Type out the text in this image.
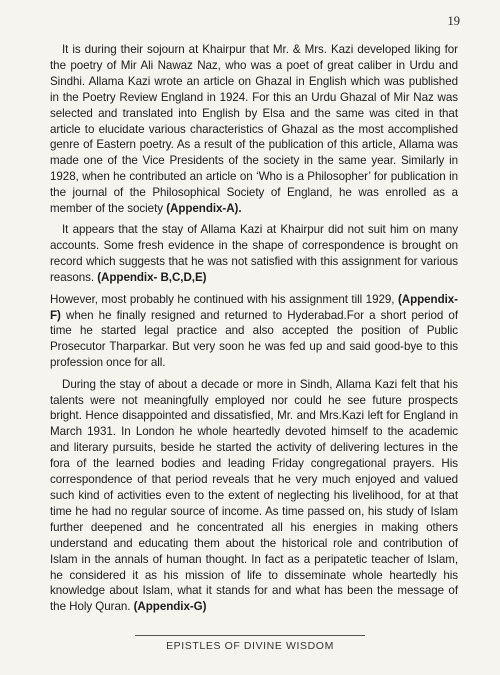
19

It is during their sojourn at Khairpur that Mr. & Mrs. Kazi developed liking for the poetry of Mir Ali Nawaz Naz, who was a poet of great caliber in Urdu and Sindhi. Allama Kazi wrote an article on Ghazal in English which was published in the Poetry Review England in 1924. For this an Urdu Ghazal of Mir Naz was selected and translated into English by Elsa and the same was cited in that article to elucidate various characteristics of Ghazal as the most accomplished genre of Eastern poetry. As a result of the publication of this article, Allama was made one of the Vice Presidents of the society in the same year. Similarly in 1928, when he contributed an article on ‘Who is a Philosopher’ for publication in the journal of the Philosophical Society of England, he was enrolled as a member of the society (Appendix-A).

It appears that the stay of Allama Kazi at Khairpur did not suit him on many accounts. Some fresh evidence in the shape of correspondence is brought on record which suggests that he was not satisfied with this assignment for various reasons. (Appendix- B,C,D,E)

However, most probably he continued with his assignment till 1929, (Appendix-F) when he finally resigned and returned to Hyderabad.For a short period of time he started legal practice and also accepted the position of Public Prosecutor Tharparkar. But very soon he was fed up and said good-bye to this profession once for all.

During the stay of about a decade or more in Sindh, Allama Kazi felt that his talents were not meaningfully employed nor could he see future prospects bright. Hence disappointed and dissatisfied, Mr. and Mrs.Kazi left for England in March 1931. In London he whole heartedly devoted himself to the academic and literary pursuits, beside he started the activity of delivering lectures in the fora of the learned bodies and leading Friday congregational prayers. His correspondence of that period reveals that he very much enjoyed and valued such kind of activities even to the extent of neglecting his livelihood, for at that time he had no regular source of income. As time passed on, his study of Islam further deepened and he concentrated all his energies in making others understand and educating them about the historical role and contribution of Islam in the annals of human thought. In fact as a peripatetic teacher of Islam, he considered it as his mission of life to disseminate whole heartedly his knowledge about Islam, what it stands for and what has been the message of the Holy Quran. (Appendix-G)

EPISTLES OF DIVINE WISDOM
